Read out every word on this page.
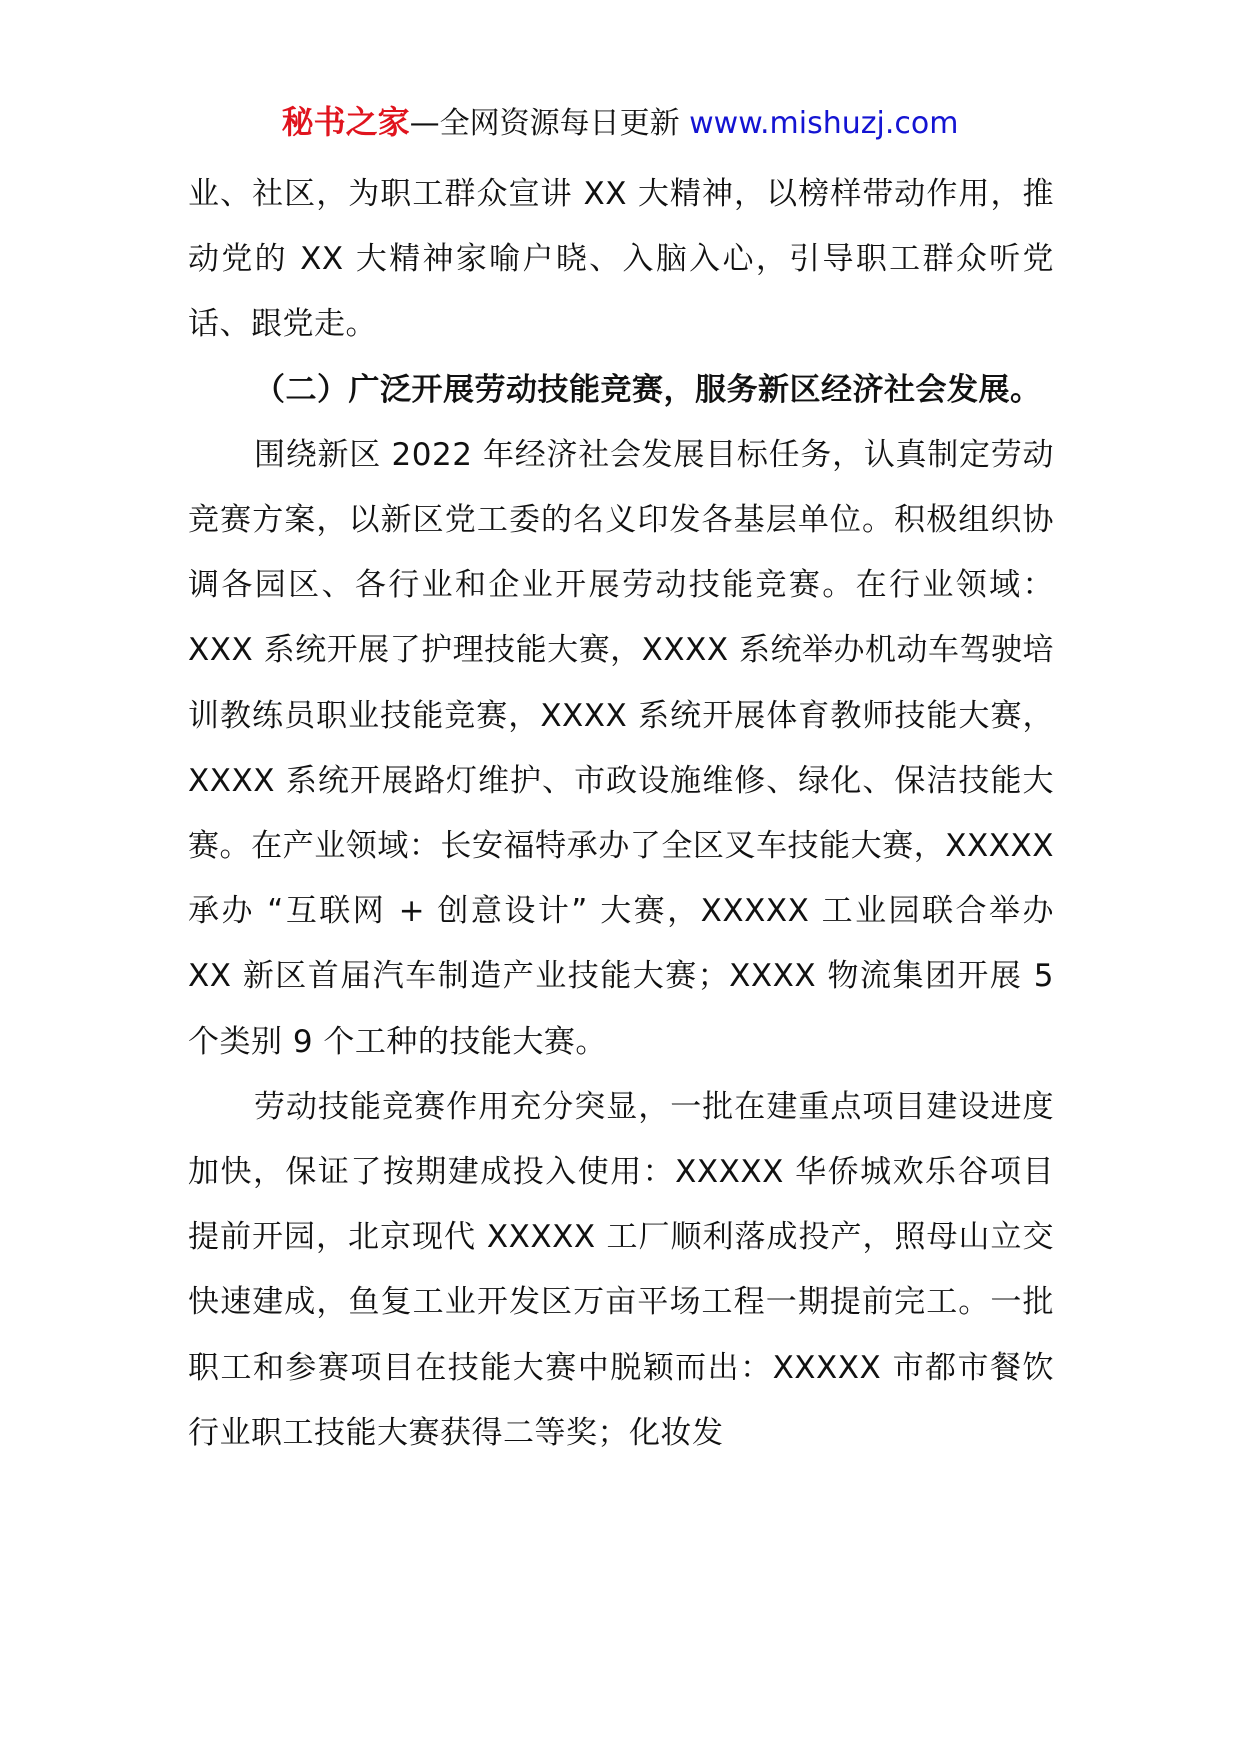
秘书之家—全网资源每日更新 www.mishuzj.com

业、社区，为职工群众宣讲 XX 大精神，以榜样带动作用，推动党的 XX 大精神家喻户晓、入脑入心，引导职工群众听党话、跟党走。

（二）广泛开展劳动技能竞赛，服务新区经济社会发展。

围绕新区 2022 年经济社会发展目标任务，认真制定劳动竞赛方案，以新区党工委的名义印发各基层单位。积极组织协调各园区、各行业和企业开展劳动技能竞赛。在行业领域：XXX 系统开展了护理技能大赛，XXXX 系统举办机动车驾驶培训教练员职业技能竞赛，XXXX 系统开展体育教师技能大赛，XXXX 系统开展路灯维护、市政设施维修、绿化、保洁技能大赛。在产业领域：长安福特承办了全区叉车技能大赛，XXXXX 承办 “互联网 + 创意设计” 大赛，XXXXX 工业园联合举办 XX 新区首届汽车制造产业技能大赛；XXXX 物流集团开展 5 个类别 9 个工种的技能大赛。

劳动技能竞赛作用充分突显，一批在建重点项目建设进度加快，保证了按期建成投入使用：XXXXX 华侨城欢乐谷项目提前开园，北京现代 XXXXX 工厂顺利落成投产，照母山立交快速建成，鱼复工业开发区万亩平场工程一期提前完工。一批职工和参赛项目在技能大赛中脱颖而出：XXXXX 市都市餐饮行业职工技能大赛获得二等奖；化妆发
